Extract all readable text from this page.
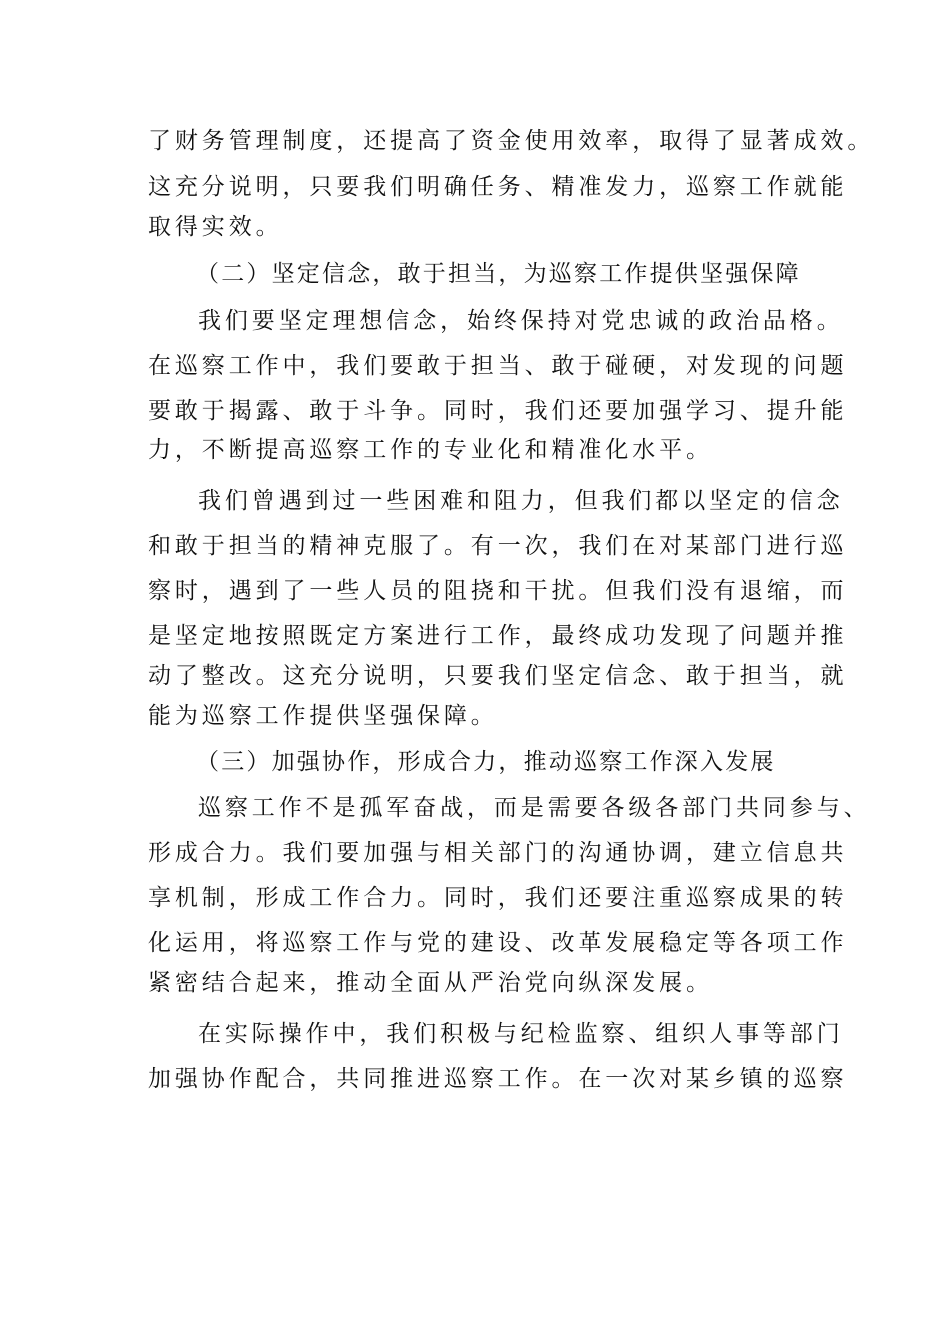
了财务管理制度，还提高了资金使用效率，取得了显著成效。
这充分说明，只要我们明确任务、精准发力，巡察工作就能
取得实效。
（二）坚定信念，敢于担当，为巡察工作提供坚强保障
我们要坚定理想信念，始终保持对党忠诚的政治品格。
在巡察工作中，我们要敢于担当、敢于碰硬，对发现的问题
要敢于揭露、敢于斗争。同时，我们还要加强学习、提升能
力，不断提高巡察工作的专业化和精准化水平。
我们曾遇到过一些困难和阻力，但我们都以坚定的信念
和敢于担当的精神克服了。有一次，我们在对某部门进行巡
察时，遇到了一些人员的阻挠和干扰。但我们没有退缩，而
是坚定地按照既定方案进行工作，最终成功发现了问题并推
动了整改。这充分说明，只要我们坚定信念、敢于担当，就
能为巡察工作提供坚强保障。
（三）加强协作，形成合力，推动巡察工作深入发展
巡察工作不是孤军奋战，而是需要各级各部门共同参与、
形成合力。我们要加强与相关部门的沟通协调，建立信息共
享机制，形成工作合力。同时，我们还要注重巡察成果的转
化运用，将巡察工作与党的建设、改革发展稳定等各项工作
紧密结合起来，推动全面从严治党向纵深发展。
在实际操作中，我们积极与纪检监察、组织人事等部门
加强协作配合，共同推进巡察工作。在一次对某乡镇的巡察
